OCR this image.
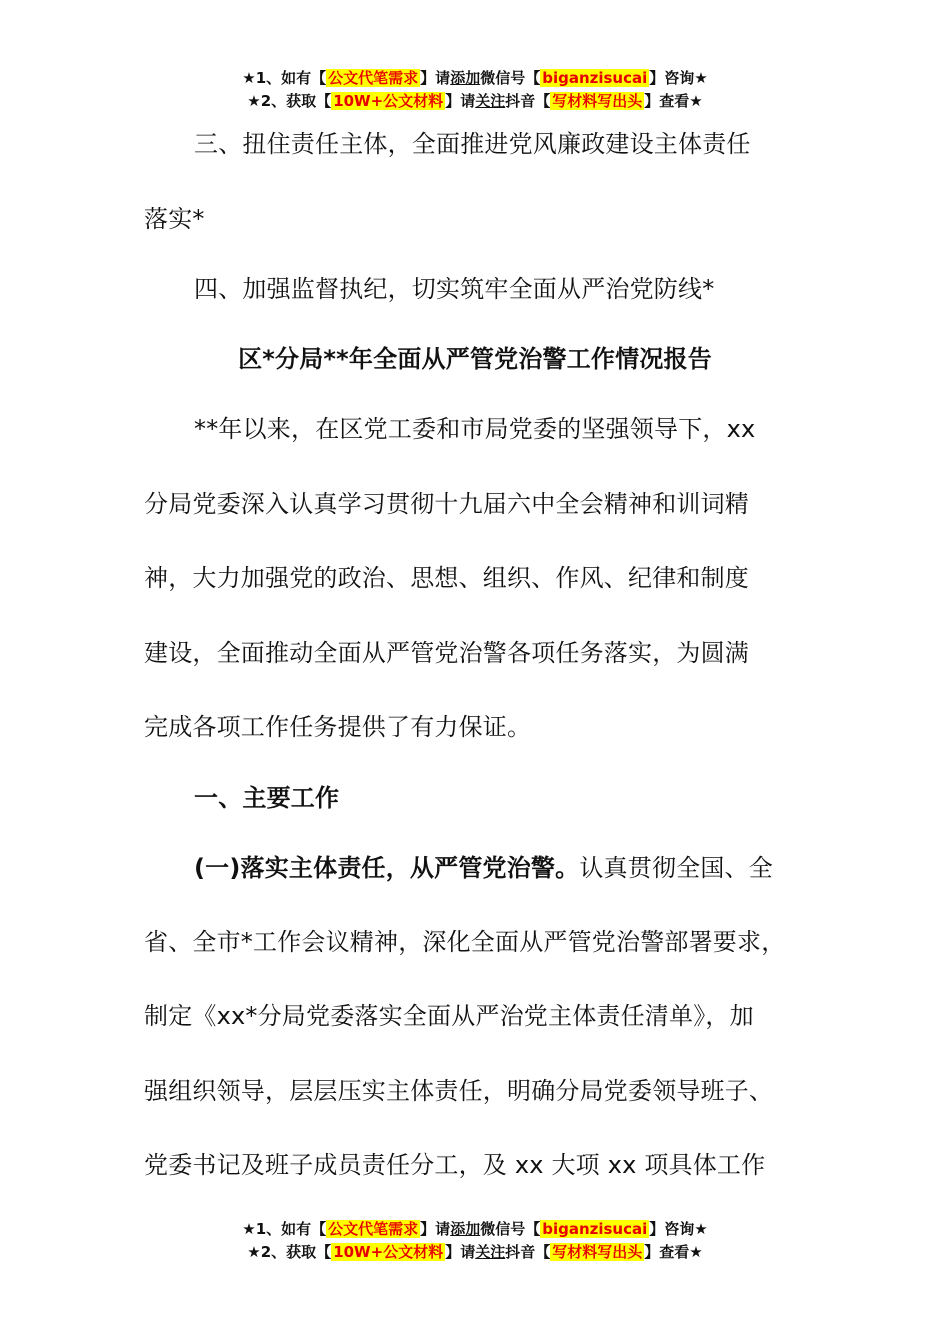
★1、如有【 公文代笔需求 】请添加微信号【 biganzisucai 】咨询★
★2、获取【 10W+公文材料 】请关注抖音【 写材料写出头 】查看★
三、扭住责任主体，全面推进党风廉政建设主体责任
落实*
四、加强监督执纪，切实筑牢全面从严治党防线*
区*分局**年全面从严管党治警工作情况报告
**年以来，在区党工委和市局党委的坚强领导下，xx
分局党委深入认真学习贯彻十九届六中全会精神和训词精
神，大力加强党的政治、思想、组织、作风、纪律和制度
建设，全面推动全面从严管党治警各项任务落实，为圆满
完成各项工作任务提供了有力保证。
一、主要工作
(一)落实主体责任，从严管党治警。认真贯彻全国、全
省、全市*工作会议精神，深化全面从严管党治警部署要求，
制定《xx*分局党委落实全面从严治党主体责任清单》，加
强组织领导，层层压实主体责任，明确分局党委领导班子、
党委书记及班子成员责任分工，及 xx 大项 xx 项具体工作
★1、如有【 公文代笔需求 】请添加微信号【 biganzisucai 】咨询★
★2、获取【 10W+公文材料 】请关注抖音【 写材料写出头 】查看★
